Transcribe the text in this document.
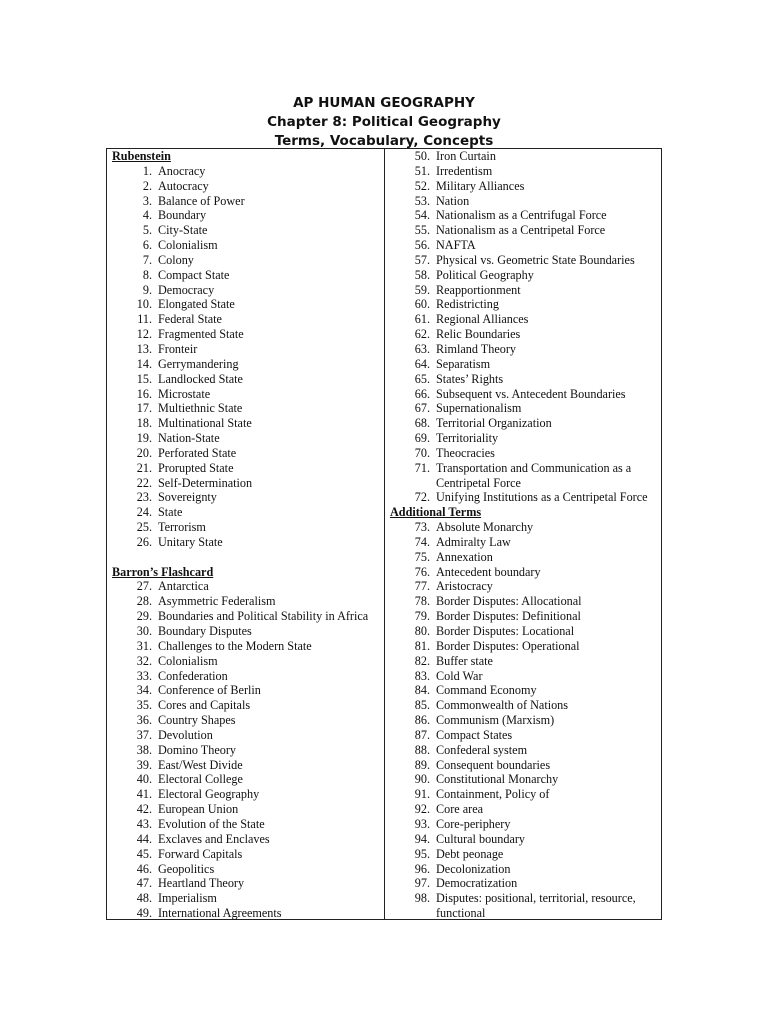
AP HUMAN GEOGRAPHY
Chapter 8: Political Geography
Terms, Vocabulary, Concepts
Rubenstein
1. Anocracy
2. Autocracy
3. Balance of Power
4. Boundary
5. City-State
6. Colonialism
7. Colony
8. Compact State
9. Democracy
10. Elongated State
11. Federal State
12. Fragmented State
13. Fronteir
14. Gerrymandering
15. Landlocked State
16. Microstate
17. Multiethnic State
18. Multinational State
19. Nation-State
20. Perforated State
21. Prorupted State
22. Self-Determination
23. Sovereignty
24. State
25. Terrorism
26. Unitary State
Barron’s Flashcard
27. Antarctica
28. Asymmetric Federalism
29. Boundaries and Political Stability in Africa
30. Boundary Disputes
31. Challenges to the Modern State
32. Colonialism
33. Confederation
34. Conference of Berlin
35. Cores and Capitals
36. Country Shapes
37. Devolution
38. Domino Theory
39. East/West Divide
40. Electoral College
41. Electoral Geography
42. European Union
43. Evolution of the State
44. Exclaves and Enclaves
45. Forward Capitals
46. Geopolitics
47. Heartland Theory
48. Imperialism
49. International Agreements
50. Iron Curtain
51. Irredentism
52. Military Alliances
53. Nation
54. Nationalism as a Centrifugal Force
55. Nationalism as a Centripetal Force
56. NAFTA
57. Physical vs. Geometric State Boundaries
58. Political Geography
59. Reapportionment
60. Redistricting
61. Regional Alliances
62. Relic Boundaries
63. Rimland Theory
64. Separatism
65. States’ Rights
66. Subsequent vs. Antecedent Boundaries
67. Supernationalism
68. Territorial Organization
69. Territoriality
70. Theocracies
71. Transportation and Communication as a Centripetal Force
72. Unifying Institutions as a Centripetal Force
Additional Terms
73. Absolute Monarchy
74. Admiralty Law
75. Annexation
76. Antecedent boundary
77. Aristocracy
78. Border Disputes: Allocational
79. Border Disputes: Definitional
80. Border Disputes: Locational
81. Border Disputes: Operational
82. Buffer state
83. Cold War
84. Command Economy
85. Commonwealth of Nations
86. Communism (Marxism)
87. Compact States
88. Confederal system
89. Consequent boundaries
90. Constitutional Monarchy
91. Containment, Policy of
92. Core area
93. Core-periphery
94. Cultural boundary
95. Debt peonage
96. Decolonization
97. Democratization
98. Disputes: positional, territorial, resource, functional
